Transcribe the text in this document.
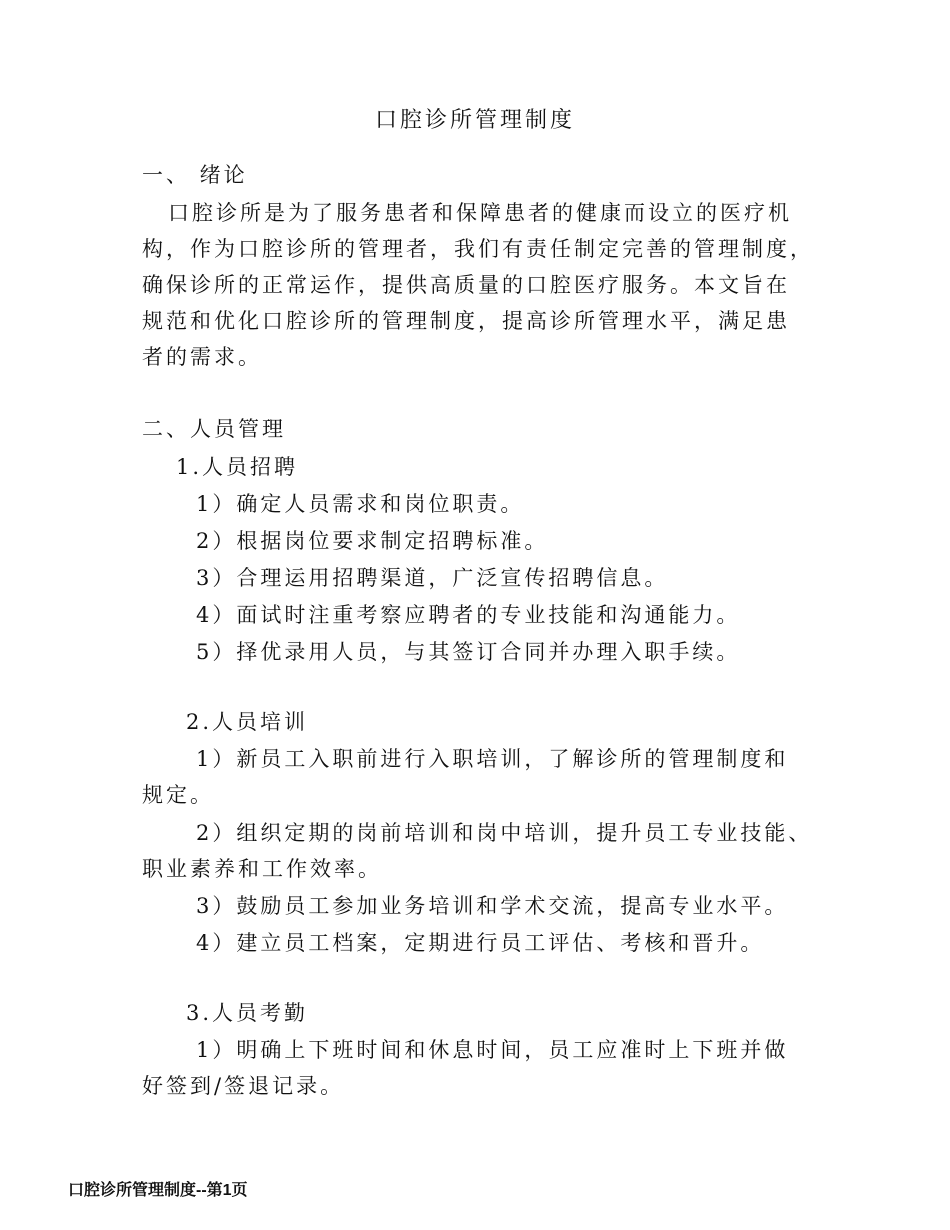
口腔诊所管理制度
一、 绪论
口腔诊所是为了服务患者和保障患者的健康而设立的医疗机
构，作为口腔诊所的管理者，我们有责任制定完善的管理制度，
确保诊所的正常运作，提供高质量的口腔医疗服务。本文旨在
规范和优化口腔诊所的管理制度，提高诊所管理水平，满足患
者的需求。
二、人员管理
1.人员招聘
1）确定人员需求和岗位职责。
2）根据岗位要求制定招聘标准。
3）合理运用招聘渠道，广泛宣传招聘信息。
4）面试时注重考察应聘者的专业技能和沟通能力。
5）择优录用人员，与其签订合同并办理入职手续。
2.人员培训
1）新员工入职前进行入职培训，了解诊所的管理制度和
规定。
2）组织定期的岗前培训和岗中培训，提升员工专业技能、
职业素养和工作效率。
3）鼓励员工参加业务培训和学术交流，提高专业水平。
4）建立员工档案，定期进行员工评估、考核和晋升。
3.人员考勤
1）明确上下班时间和休息时间，员工应准时上下班并做
好签到/签退记录。
口腔诊所管理制度--第1页
